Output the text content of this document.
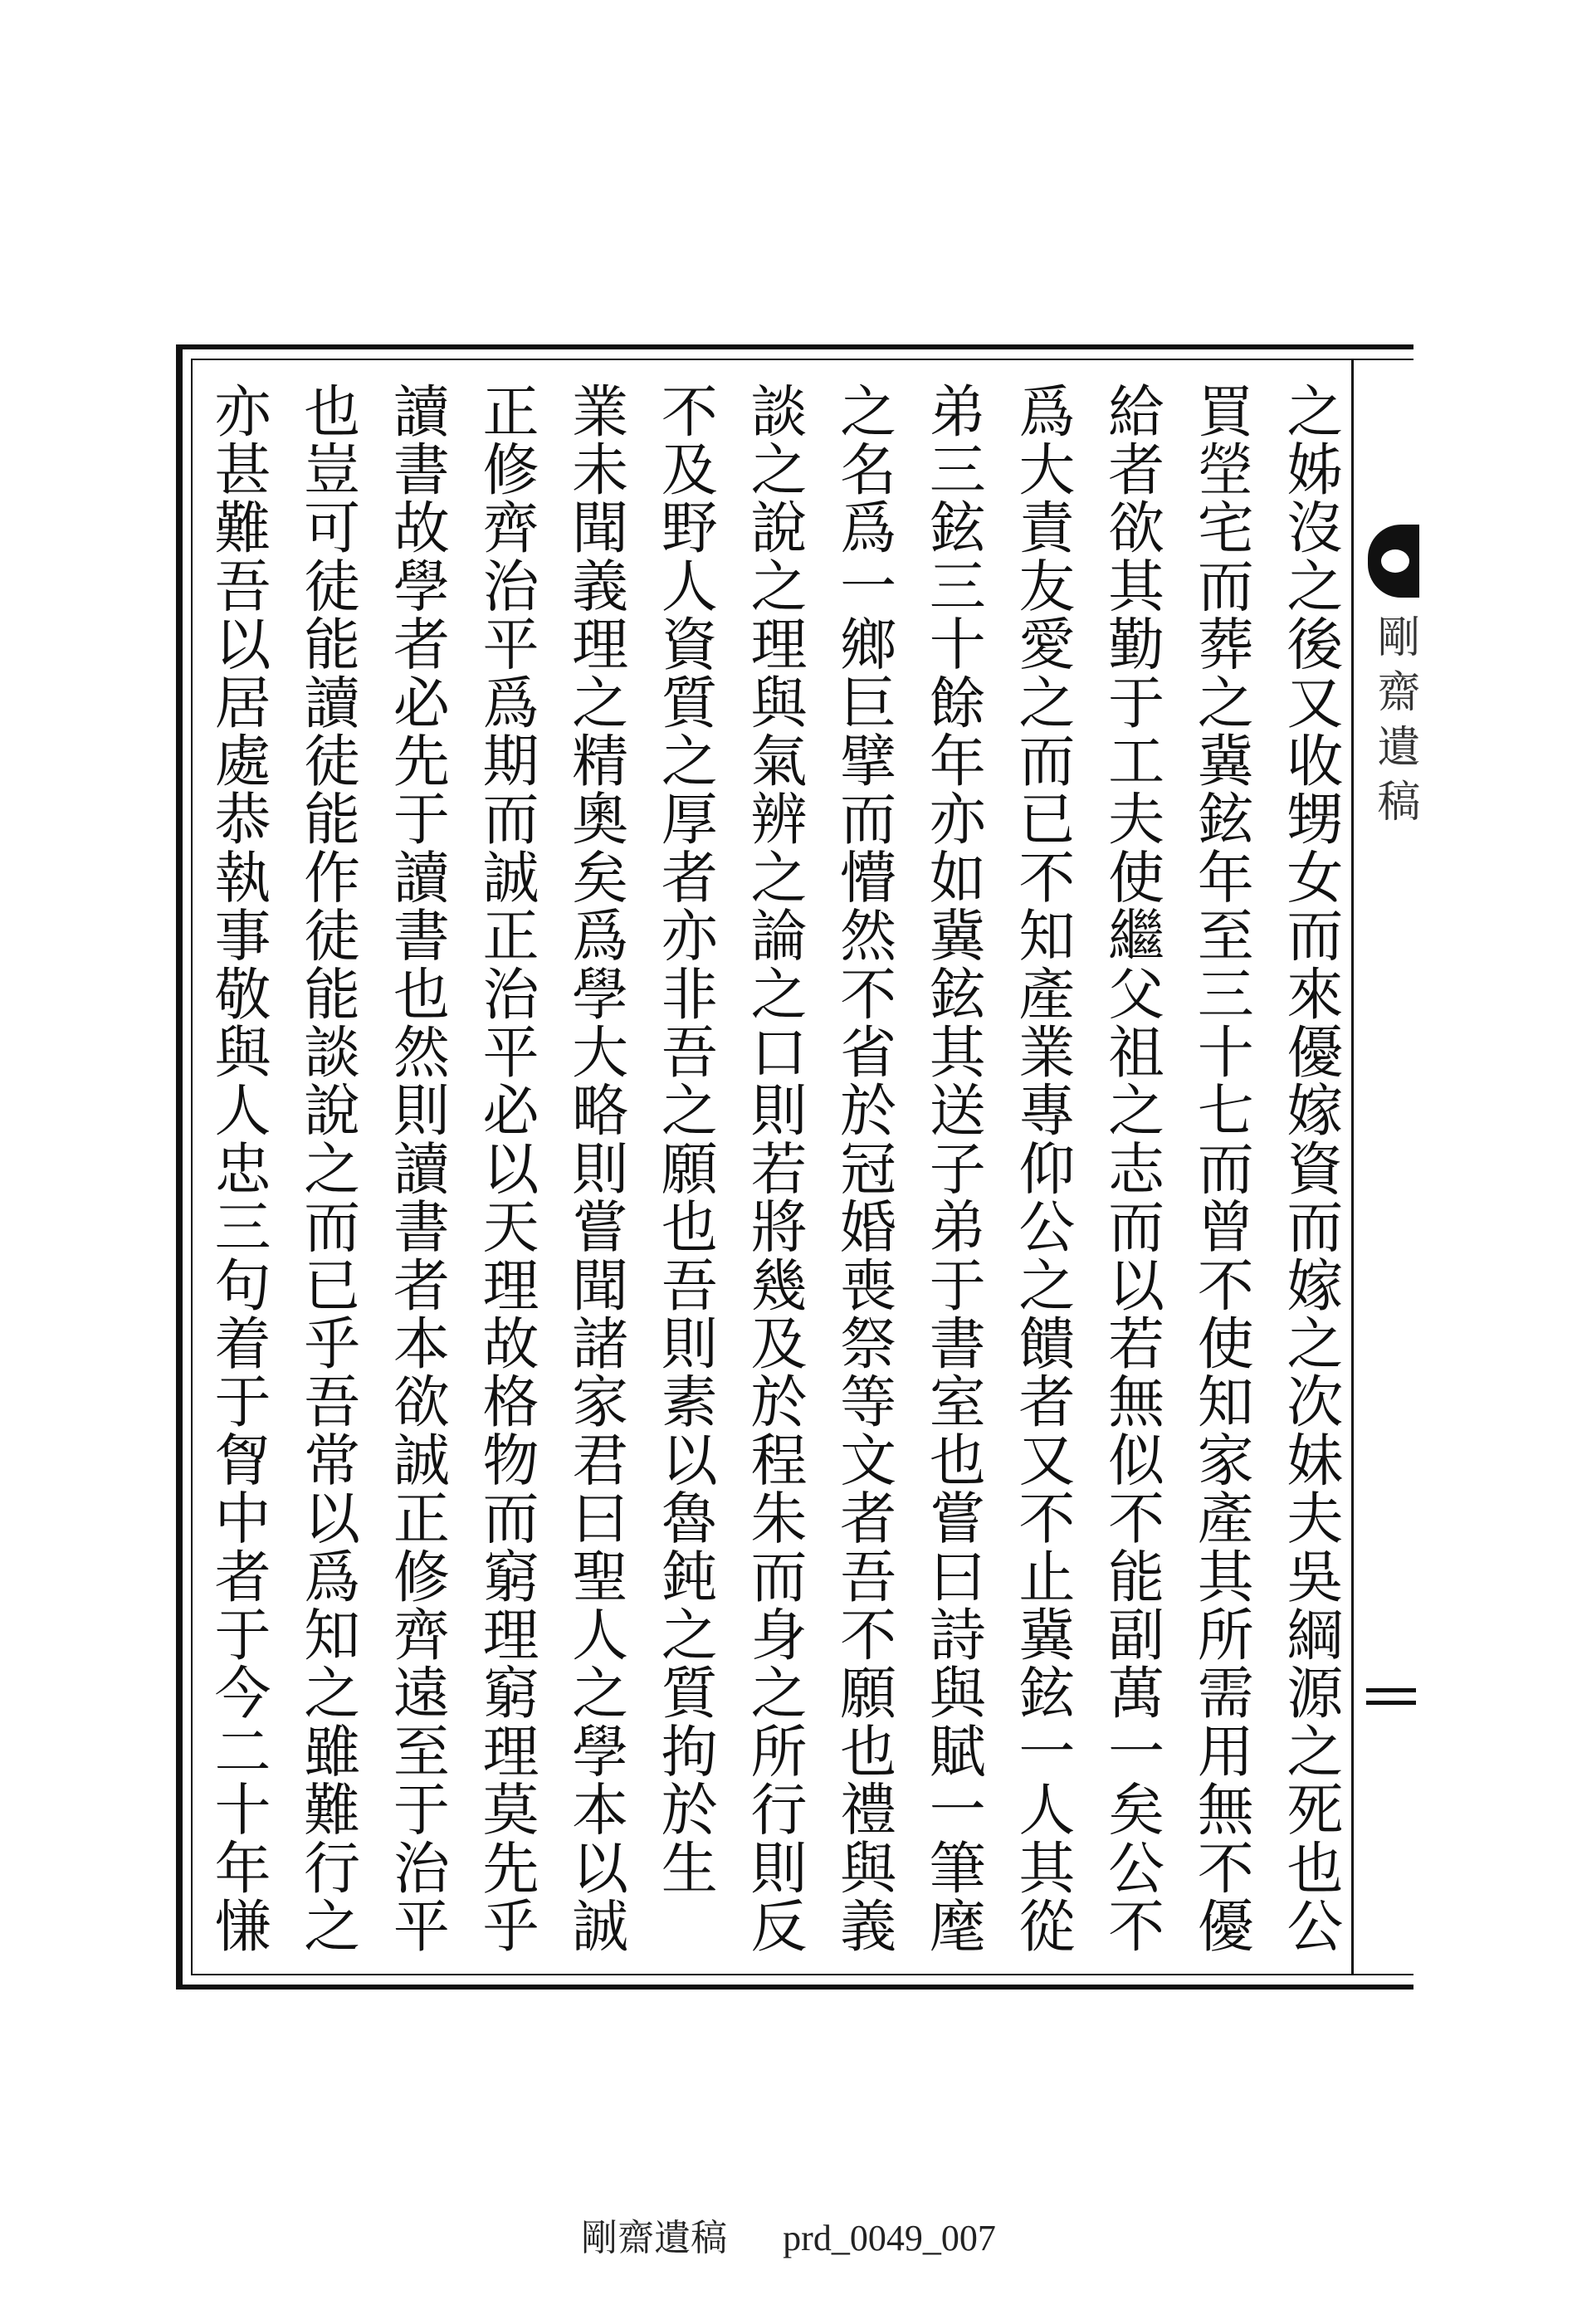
之姊沒之後又收甥女而來優嫁資而嫁之次妹夫吳綱源之死也公
買塋宅而葬之冀鉉年至三十七而曾不使知家產其所需用無不優
給者欲其勤于工夫使繼父祖之志而以若無似不能副萬一矣公不
爲大責友愛之而已不知產業專仰公之饋者又不止冀鉉一人其從
弟三鉉三十餘年亦如冀鉉其送子弟于書室也嘗曰詩與賦一筆麾
之名爲一鄉巨擘而懵然不省於冠婚喪祭等文者吾不願也禮與義
談之說之理與氣辨之論之口則若將幾及於程朱而身之所行則反
不及野人資質之厚者亦非吾之願也吾則素以魯鈍之質拘於生
業未聞義理之精奧矣爲學大略則嘗聞諸家君曰聖人之學本以誠
正修齊治平爲期而誠正治平必以天理故格物而窮理窮理莫先乎
讀書故學者必先于讀書也然則讀書者本欲誠正修齊遠至于治平
也豈可徒能讀徒能作徒能談說之而已乎吾常以爲知之雖難行之
亦甚難吾以居處恭執事敬與人忠三句着于胷中者于今二十年慊	剛齋遺稿
剛齋遺稿 prd_0049_007
